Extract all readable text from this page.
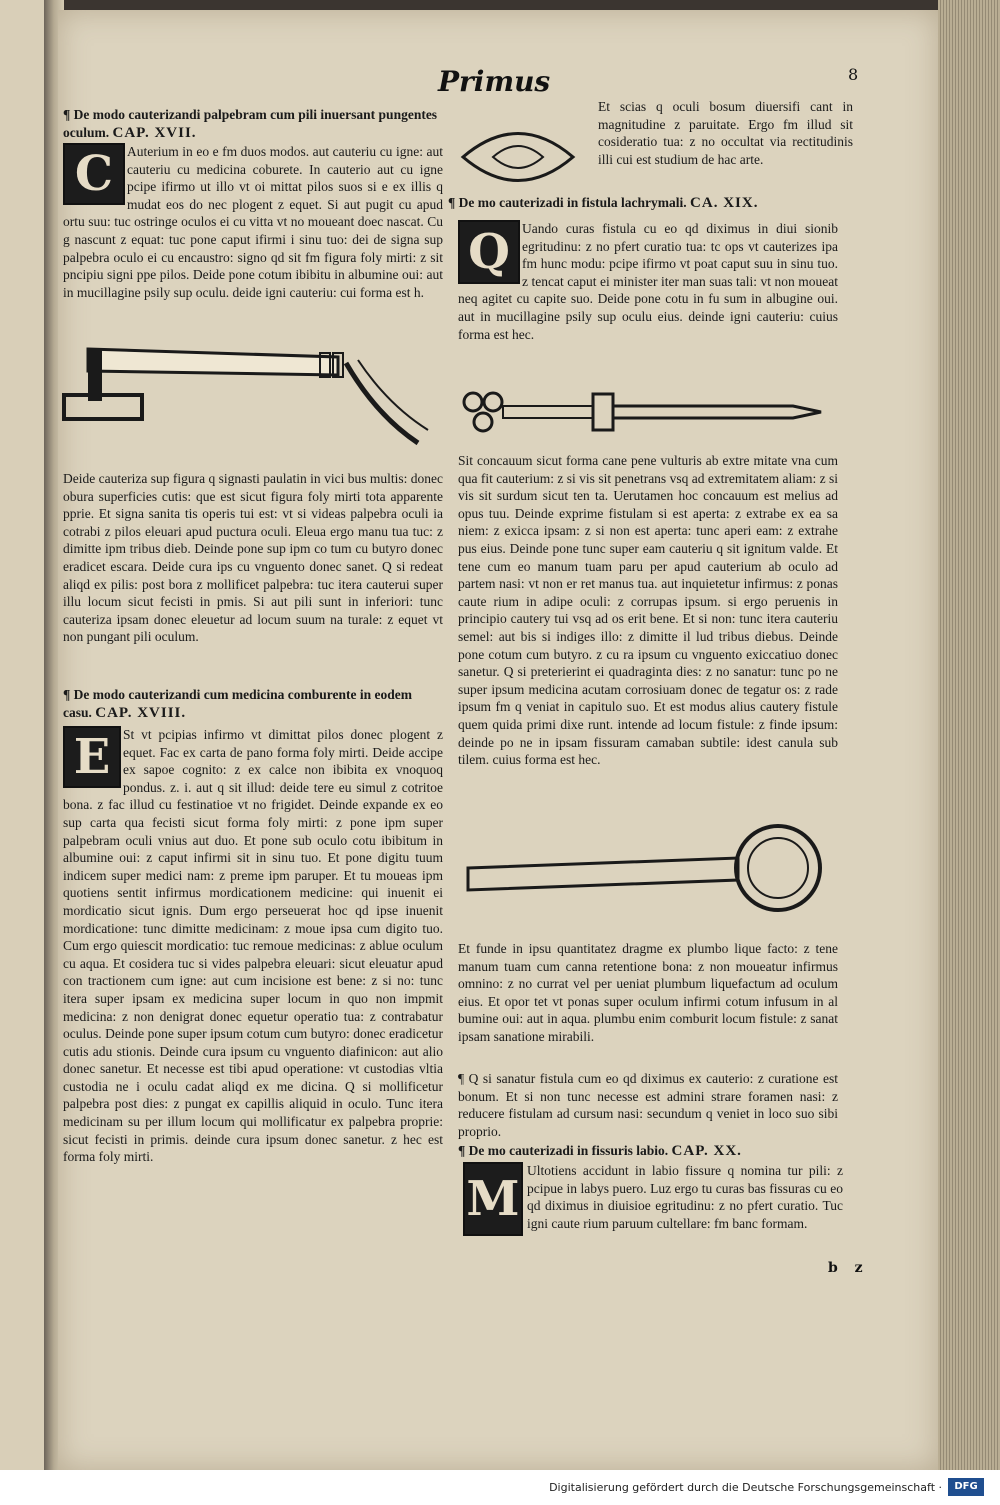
Primus	8

¶ De modo cauterizandi palpebram cum pili inuersant pungentes oculum. CAP. XVII.

C	Auterium in eo e fm duos modos. aut cauteriu cu igne: aut cauteriu cu medicina coburete. In cauterio aut cu igne pcipe ifirmo ut illo vt oi mittat pilos suos si e ex illis q mudat eos do nec plogent z equet. Si aut pugit cu apud ortu suu: tuc ostringe oculos ei cu vitta vt no moueant doec nascat. Cu g nascunt z equat: tuc pone caput ifirmi i sinu tuo: dei de signa sup palpebra oculo ei cu encaustro: signo qd sit fm figura foly mirti: z sit pncipiu signi ppe pilos. Deide pone cotum ibibitu in albumine oui: aut in mucillagine psily sup oculu. deide igni cauteriu: cui forma est h.

Deide cauteriza sup figura q signasti paulatin in vici bus multis: donec obura superficies cutis: que est sicut figura foly mirti tota apparente pprie. Et signa sanita tis operis tui est: vt si videas palpebra oculi ia cotrabi z pilos eleuari apud puctura oculi. Eleua ergo manu tua tuc: z dimitte ipm tribus dieb. Deinde pone sup ipm co tum cu butyro donec eradicet escara. Deide cura ips cu vnguento donec sanet. Q si redeat aliqd ex pilis: post bora z mollificet palpebra: tuc itera cauterui super illu locum sicut fecisti in pmis. Si aut pili sunt in inferiori: tunc cauteriza ipsam donec eleuetur ad locum suum na turale: z equet vt non pungant pili oculum.

¶ De modo cauterizandi cum medicina comburente in eodem casu. CAP. XVIII.

E St vt pcipias infirmo vt dimittat pilos donec plogent z equet. Fac ex carta de pano forma foly mirti. Deide accipe ex sapoe cognito: z ex calce non ibibita ex vnoquoq pondus. z. i. aut q sit illud: deide tere eu simul z cotritoe bona. z fac illud cu festinatioe vt no frigidet. Deinde expande ex eo sup carta qua fecisti sicut forma foly mirti: z pone ipm super palpebram oculi vnius aut duo. Et pone sub oculo cotu ibibitum in albumine oui: z caput infirmi sit in sinu tuo. Et pone digitu tuum indicem super medici nam: z preme ipm paruper. Et tu moueas ipm quotiens sentit infirmus mordicationem medicine: qui inuenit ei mordicatio sicut ignis. Dum ergo perseuerat hoc qd ipse inuenit mordicatione: tunc dimitte medicinam: z moue ipsa cum digito tuo. Cum ergo quiescit mordicatio: tuc remoue medicinas: z ablue oculum cu aqua. Et cosidera tuc si vides palpebra eleuari: sicut eleuatur apud con tractionem cum igne: aut cum incisione est bene: z si no: tunc itera super ipsam ex medicina super locum in quo non impmit medicina: z non denigrat donec equetur operatio tua: z contrabatur oculus. Deinde pone super ipsum cotum cum butyro: donec eradicetur cutis adu stionis. Deinde cura ipsum cu vnguento diafinicon: aut alio donec sanetur. Et necesse est tibi apud operatione: vt custodias vltia custodia ne i oculu cadat aliqd ex me dicina. Q si mollificetur palpebra post dies: z pungat ex capillis aliquid in oculo. Tunc itera medicinam su per illum locum qui mollificatur ex palpebra proprie: sicut fecisti in primis. deinde cura ipsum donec sanetur. z hec est forma foly mirti.

Et scias q oculi bosum diuersifi cant in magnitudine z paruitate. Ergo fm illud sit cosideratio tua: z no occultat via rectitudinis illi cui est studium de hac arte.

¶ De mo cauterizadi in fistula lachrymali. CA. XIX.

Q Uando curas fistula cu eo qd diximus in diui sionib egritudinu: z no pfert curatio tua: tc ops vt cauterizes ipa fm hunc modu: pcipe ifirmo vt poat caput suu in sinu tuo. z tencat caput ei minister iter man suas tali: vt non moueat neq agitet cu capite suo. Deide pone cotu in fu sum in albugine oui. aut in mucillagine psily sup oculu eius. deinde igni cauteriu: cuius forma est hec.

Sit concauum sicut forma cane pene vulturis ab extre mitate vna cum qua fit cauterium: z si vis sit penetrans vsq ad extremitatem aliam: z si vis sit surdum sicut ten ta. Uerutamen hoc concauum est melius ad opus tuu. Deinde exprime fistulam si est aperta: z extrabe ex ea sa niem: z exicca ipsam: z si non est aperta: tunc aperi eam: z extrahe pus eius. Deinde pone tunc super eam cauteriu q sit ignitum valde. Et tene cum eo manum tuam paru per apud cauterium ab oculo ad partem nasi: vt non er ret manus tua. aut inquietetur infirmus: z ponas caute rium in adipe oculi: z corrupas ipsum. si ergo peruenis in principio cautery tui vsq ad os erit bene. Et si non: tunc itera cauteriu semel: aut bis si indiges illo: z dimitte il lud tribus diebus. Deinde pone cotum cum butyro. z cu ra ipsum cu vnguento exiccatiuo donec sanetur. Q si preterierint ei quadraginta dies: z no sanatur: tunc po ne super ipsum medicina acutam corrosiuam donec de tegatur os: z rade ipsum fm q veniat in capitulo suo. Et est modus alius cautery fistule quem quida primi dixe runt. intende ad locum fistule: z finde ipsum: deinde po ne in ipsam fissuram camaban subtile: idest canula sub tilem. cuius forma est hec.
Et funde in ipsu quantitatez dragme ex plumbo lique facto: z tene manum tuam cum canna retentione bona: z non moueatur infirmus omnino: z no currat vel per ueniat plumbum liquefactum ad oculum eius. Et opor tet vt ponas super oculum infirmi cotum infusum in al bumine oui: aut in aqua. plumbu enim comburit locum fistule: z sanat ipsam sanatione mirabili.
¶ Q si sanatur fistula cum eo qd diximus ex cauterio: z curatione est bonum. Et si non tunc necesse est admini strare foramen nasi: z reducere fistulam ad cursum nasi: secundum q veniet in loco suo sibi proprio.

¶ De mo cauterizadi in fissuris labio. CAP. XX.

M

Ultotiens accidunt in labio fissure q nomina tur pili: z pcipue in labys puero. Luz ergo tu curas bas fissuras cu eo qd diximus in diuisioe egritudinu: z no pfert curatio. Tuc igni caute rium paruum cultellare: fm banc formam.

b z
Digitalisierung gefördert durch die Deutsche Forschungsgemeinschaft ·	DFG
